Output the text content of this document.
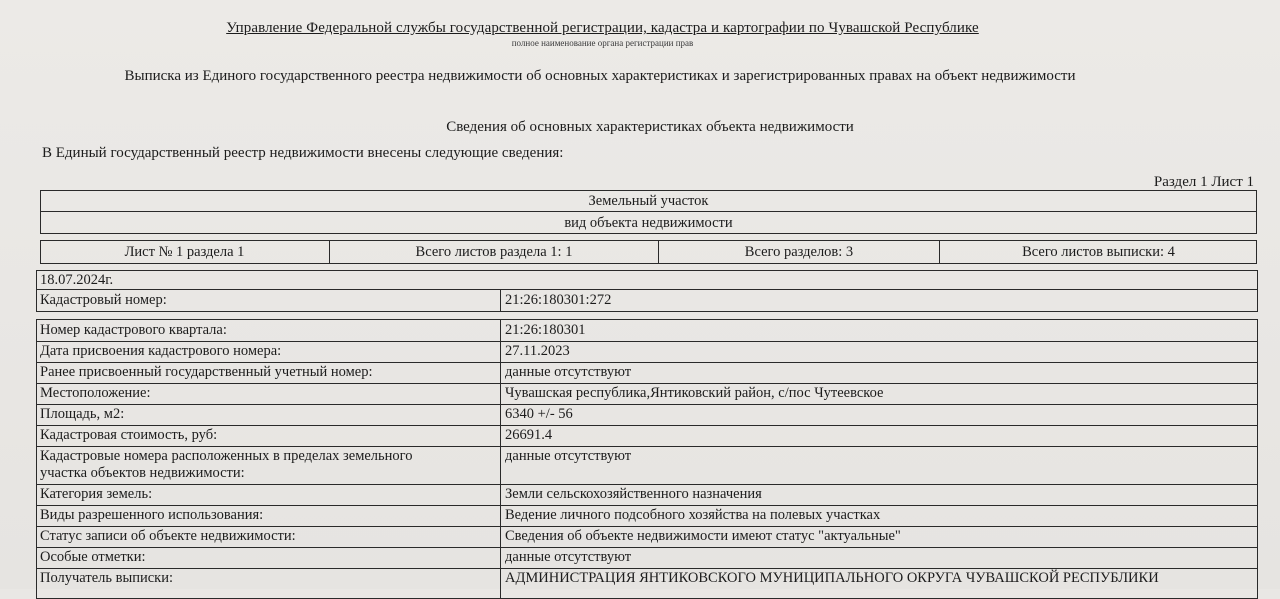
Управление Федеральной службы государственной регистрации, кадастра и картографии по Чувашской Республике
полное наименование органа регистрации прав
Выписка из Единого государственного реестра недвижимости об основных характеристиках и зарегистрированных правах на объект недвижимости
Сведения об основных характеристиках объекта недвижимости
В Единый государственный реестр недвижимости внесены следующие сведения:
Раздел 1 Лист 1
Земельный участок
вид объекта недвижимости
Лист № 1 раздела 1	Всего листов раздела 1: 1	Всего разделов: 3	Всего листов выписки: 4
18.07.2024г.
Кадастровый номер:	21:26:180301:272
Номер кадастрового квартала:	21:26:180301
Дата присвоения кадастрового номера:	27.11.2023
Ранее присвоенный государственный учетный номер:	данные отсутствуют
Местоположение:	Чувашская республика,Янтиковский район, с/пос Чутеевское
Площадь, м2:	6340 +/- 56
Кадастровая стоимость, руб:	26691.4
Кадастровые номера расположенных в пределах земельного
участка объектов недвижимости:
данные отсутствуют
Категория земель:	Земли сельскохозяйственного назначения
Виды разрешенного использования:	Ведение личного подсобного хозяйства на полевых участках
Статус записи об объекте недвижимости:	Сведения об объекте недвижимости имеют статус "актуальные"
Особые отметки:	данные отсутствуют
Получатель выписки:	АДМИНИСТРАЦИЯ ЯНТИКОВСКОГО МУНИЦИПАЛЬНОГО ОКРУГА ЧУВАШСКОЙ РЕСПУБЛИКИ
